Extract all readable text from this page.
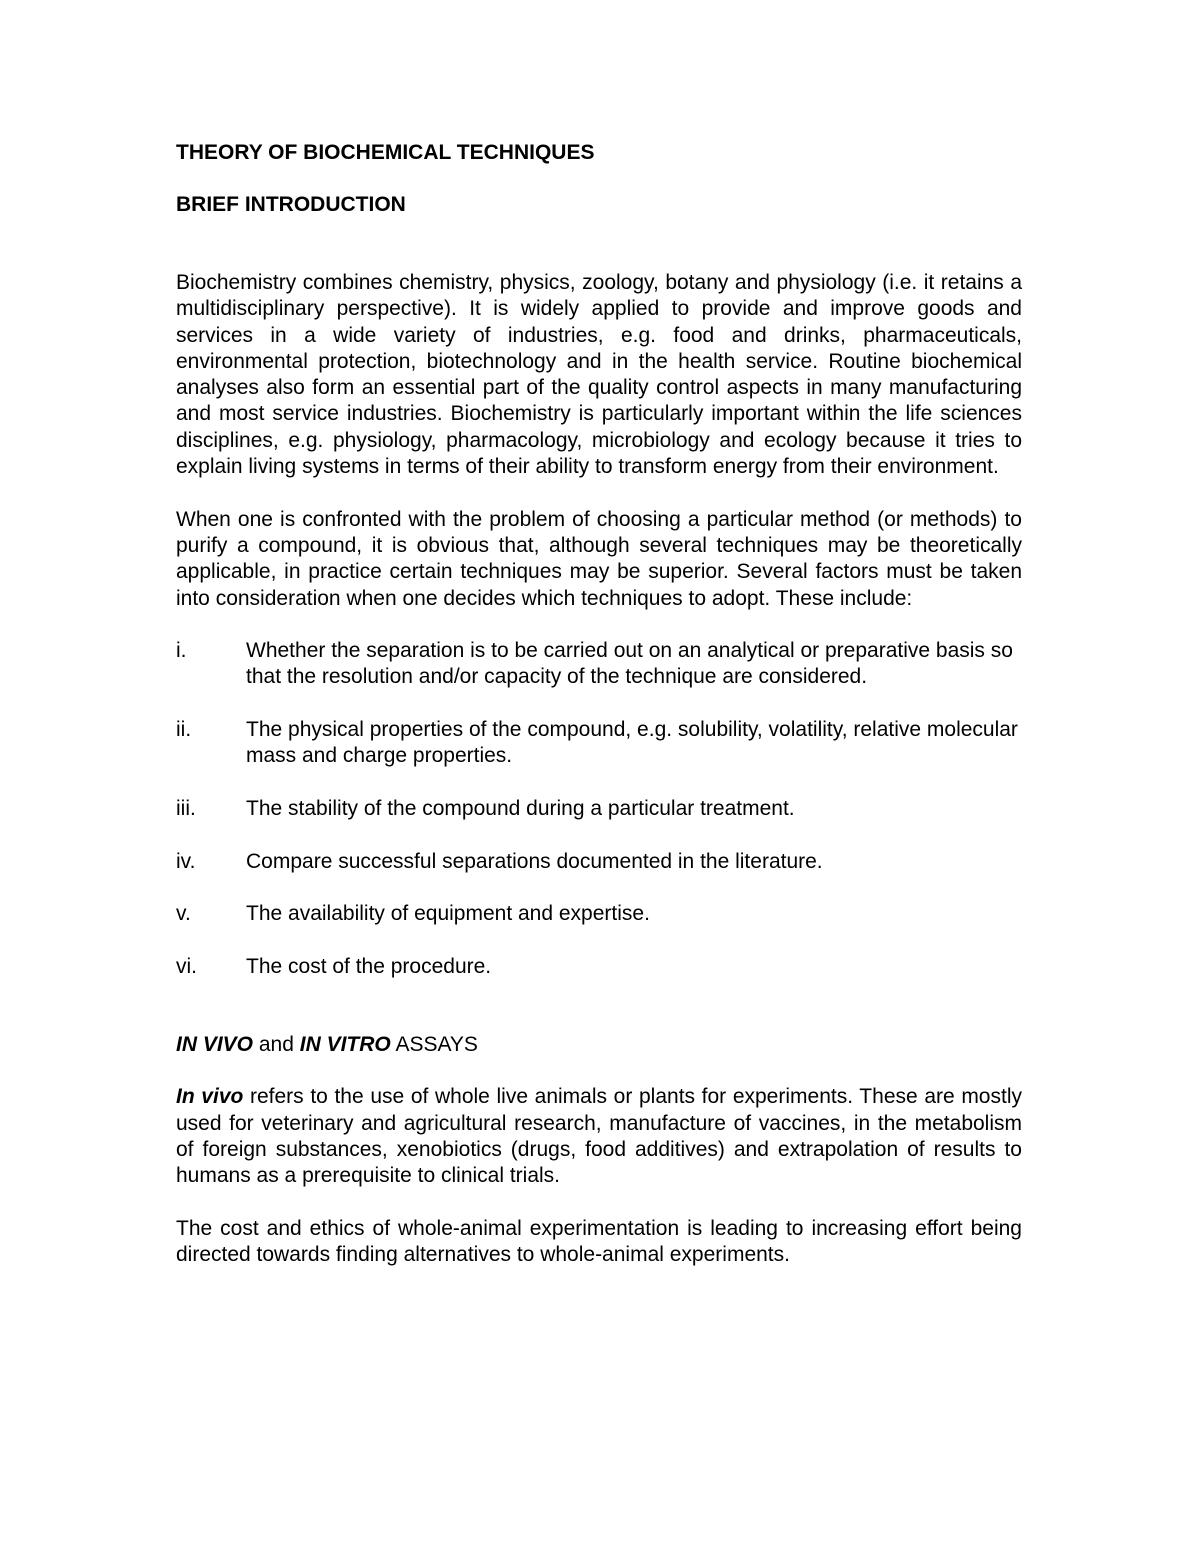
THEORY OF BIOCHEMICAL TECHNIQUES

BRIEF INTRODUCTION

Biochemistry combines chemistry, physics, zoology, botany and physiology (i.e. it retains a multidisciplinary perspective). It is widely applied to provide and improve goods and services in a wide variety of industries, e.g. food and drinks, pharmaceuticals, environmental protection, biotechnology and in the health service. Routine biochemical analyses also form an essential part of the quality control aspects in many manufacturing and most service industries. Biochemistry is particularly important within the life sciences disciplines, e.g. physiology, pharmacology, microbiology and ecology because it tries to explain living systems in terms of their ability to transform energy from their environment.

When one is confronted with the problem of choosing a particular method (or methods) to purify a compound, it is obvious that, although several techniques may be theoretically applicable, in practice certain techniques may be superior. Several factors must be taken into consideration when one decides which techniques to adopt. These include:

i.	Whether the separation is to be carried out on an analytical or preparative basis so that the resolution and/or capacity of the technique are considered.
ii.	The physical properties of the compound, e.g. solubility, volatility, relative molecular mass and charge properties.
iii.	The stability of the compound during a particular treatment.
iv.	Compare successful separations documented in the literature.
v.	The availability of equipment and expertise.
vi.	The cost of the procedure.

IN VIVO and IN VITRO ASSAYS

In vivo refers to the use of whole live animals or plants for experiments. These are mostly used for veterinary and agricultural research, manufacture of vaccines, in the metabolism of foreign substances, xenobiotics (drugs, food additives) and extrapolation of results to humans as a prerequisite to clinical trials.

The cost and ethics of whole-animal experimentation is leading to increasing effort being directed towards finding alternatives to whole-animal experiments.
